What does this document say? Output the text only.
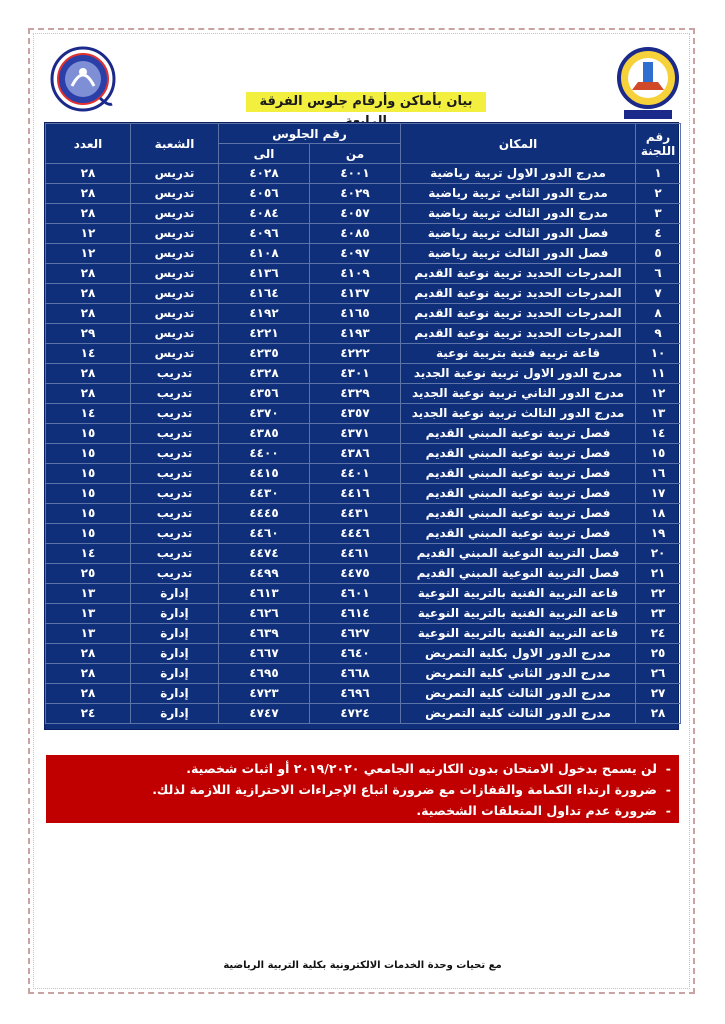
بيان بأماكن وأرقام جلوس الفرقة
رقم اللجنة	المكان	رقم الجلوس		الشعبة	العدد
		من	الى		
١	مدرج الدور الاول تربية رياضية	٤٠٠١	٤٠٢٨	تدريس	٢٨
٢	مدرج الدور الثاني تربية رياضية	٤٠٢٩	٤٠٥٦	تدريس	٢٨
٣	مدرج الدور الثالث تربية رياضية	٤٠٥٧	٤٠٨٤	تدريس	٢٨
٤	فصل الدور الثالث تربية رياضية	٤٠٨٥	٤٠٩٦	تدريس	١٢
٥	فصل الدور الثالث تربية رياضية	٤٠٩٧	٤١٠٨	تدريس	١٢
٦	المدرجات الحديد تربية نوعية القديم	٤١٠٩	٤١٣٦	تدريس	٢٨
٧	المدرجات الحديد تربية نوعية القديم	٤١٣٧	٤١٦٤	تدريس	٢٨
٨	المدرجات الحديد تربية نوعية القديم	٤١٦٥	٤١٩٢	تدريس	٢٨
٩	المدرجات الحديد تربية نوعية القديم	٤١٩٣	٤٢٢١	تدريس	٢٩
١٠	قاعة تربية فنية بتربية نوعية	٤٢٢٢	٤٢٣٥	تدريس	١٤
١١	مدرج الدور الاول تربية نوعية الجديد	٤٣٠١	٤٣٢٨	تدريب	٢٨
١٢	مدرج الدور الثاني تربية نوعية الجديد	٤٣٢٩	٤٣٥٦	تدريب	٢٨
١٣	مدرج الدور الثالث تربية نوعية الجديد	٤٣٥٧	٤٣٧٠	تدريب	١٤
١٤	فصل تربية نوعية المبني القديم	٤٣٧١	٤٣٨٥	تدريب	١٥
١٥	فصل تربية نوعية المبني القديم	٤٣٨٦	٤٤٠٠	تدريب	١٥
١٦	فصل تربية نوعية المبني القديم	٤٤٠١	٤٤١٥	تدريب	١٥
١٧	فصل تربية نوعية المبني القديم	٤٤١٦	٤٤٣٠	تدريب	١٥
١٨	فصل تربية نوعية المبني القديم	٤٤٣١	٤٤٤٥	تدريب	١٥
١٩	فصل تربية نوعية المبني القديم	٤٤٤٦	٤٤٦٠	تدريب	١٥
٢٠	فصل التربية النوعية المبني القديم	٤٤٦١	٤٤٧٤	تدريب	١٤
٢١	فصل التربية النوعية المبني القديم	٤٤٧٥	٤٤٩٩	تدريب	٢٥
٢٢	قاعة التربية الفنية بالتربية النوعية	٤٦٠١	٤٦١٣	إدارة	١٣
٢٣	قاعة التربية الفنية بالتربية النوعية	٤٦١٤	٤٦٢٦	إدارة	١٣
٢٤	قاعة التربية الفنية بالتربية النوعية	٤٦٢٧	٤٦٣٩	إدارة	١٣
٢٥	مدرج الدور الاول بكلية التمريض	٤٦٤٠	٤٦٦٧	إدارة	٢٨
٢٦	مدرج الدور الثاني كلية التمريض	٤٦٦٨	٤٦٩٥	إدارة	٢٨
٢٧	مدرج الدور الثالث كلية التمريض	٤٦٩٦	٤٧٢٣	إدارة	٢٨
٢٨	مدرج الدور الثالث كلية التمريض	٤٧٢٤	٤٧٤٧	إدارة	٢٤
-
لن يسمح بدخول الامتحان بدون الكارنيه الجامعي ٢٠١٩/٢٠٢٠ أو اثبات شخصية.
-
ضرورة ارتداء الكمامة والقفازات مع ضرورة اتباع الإجراءات الاحترازية اللازمة لذلك.
-
ضرورة عدم تداول المتعلقات الشخصية.
مع تحيات وحدة الخدمات الالكترونية بكلية التربية الرياضية
